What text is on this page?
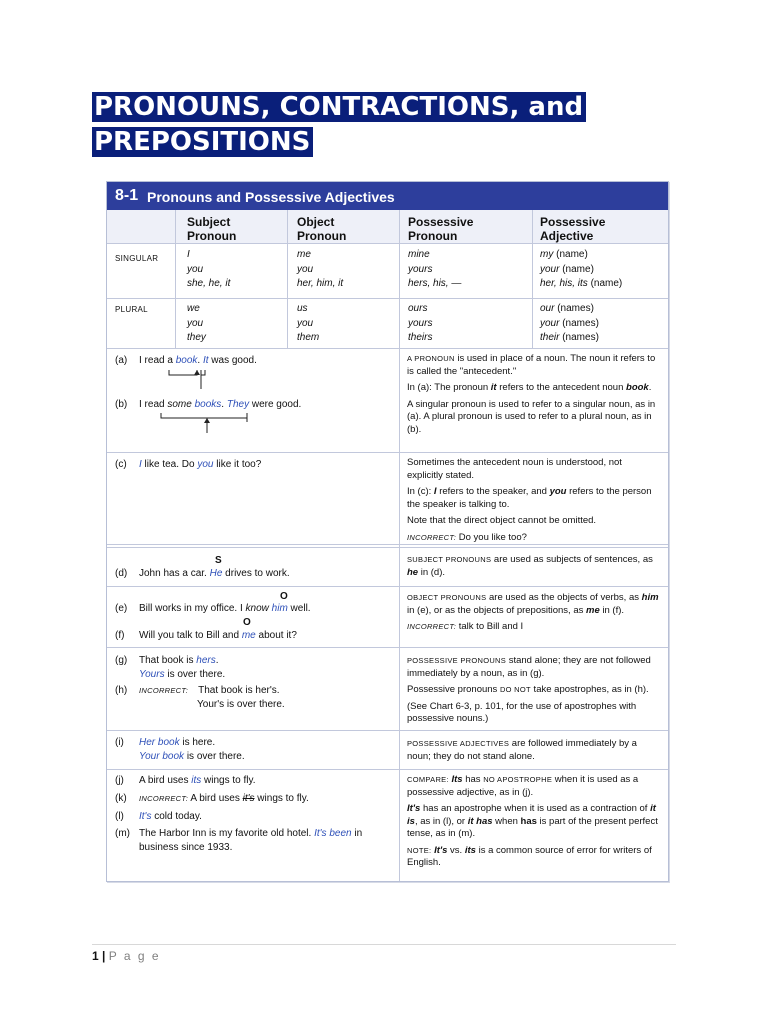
PRONOUNS, CONTRACTIONS, and
PREPOSITIONS
8-1 Pronouns and Possessive Adjectives
Subject
Pronoun
Object
Pronoun
Possessive
Pronoun
Possessive
Adjective
SINGULAR	I
you
she, he, it
me
you
her, him, it
mine
yours
hers, his, —
my (name)
your (name)
her, his, its (name)
PLURAL	we
you
they
us
you
them
ours
yours
theirs
our (names)
your (names)
their (names)
(a) I read a book. It was good.
(b) I read some books. They were good.
(c) I like tea. Do you like it too?
S
(d) John has a car. He drives to work.
O
(e) Bill works in my office. I know him well.
O
(f) Will you talk to Bill and me about it?
(g) That book is hers.
Yours is over there.
(h) INCORRECT: That book is her's.
Your's is over there.
(i) Her book is here.
Your book is over there.
(j) A bird uses its wings to fly.
(k) INCORRECT: A bird uses it's wings to fly.
(l) It's cold today.
(m) The Harbor Inn is my favorite old hotel. It's been in
business since 1933.

A PRONOUN is used in place of a noun. The noun it refers to is called the "antecedent."

In (a): The pronoun it refers to the antecedent noun book.

A singular pronoun is used to refer to a singular noun, as in (a). A plural pronoun is used to refer to a plural noun, as in (b).

Sometimes the antecedent noun is understood, not explicitly stated.

In (c): I refers to the speaker, and you refers to the person the speaker is talking to.

Note that the direct object cannot be omitted.

INCORRECT: Do you like too?

SUBJECT PRONOUNS are used as subjects of sentences, as he in (d).

OBJECT PRONOUNS are used as the objects of verbs, as him in (e), or as the objects of prepositions, as me in (f).

INCORRECT: talk to Bill and I

POSSESSIVE PRONOUNS stand alone; they are not followed immediately by a noun, as in (g).

Possessive pronouns DO NOT take apostrophes, as in (h).

(See Chart 6-3, p. 101, for the use of apostrophes with possessive nouns.)

POSSESSIVE ADJECTIVES are followed immediately by a noun; they do not stand alone.

COMPARE: Its has NO APOSTROPHE when it is used as a possessive adjective, as in (j).

It's has an apostrophe when it is used as a contraction of it is, as in (l), or it has when has is part of the present perfect tense, as in (m).

NOTE: It's vs. its is a common source of error for writers of English.

1 | P a g e
